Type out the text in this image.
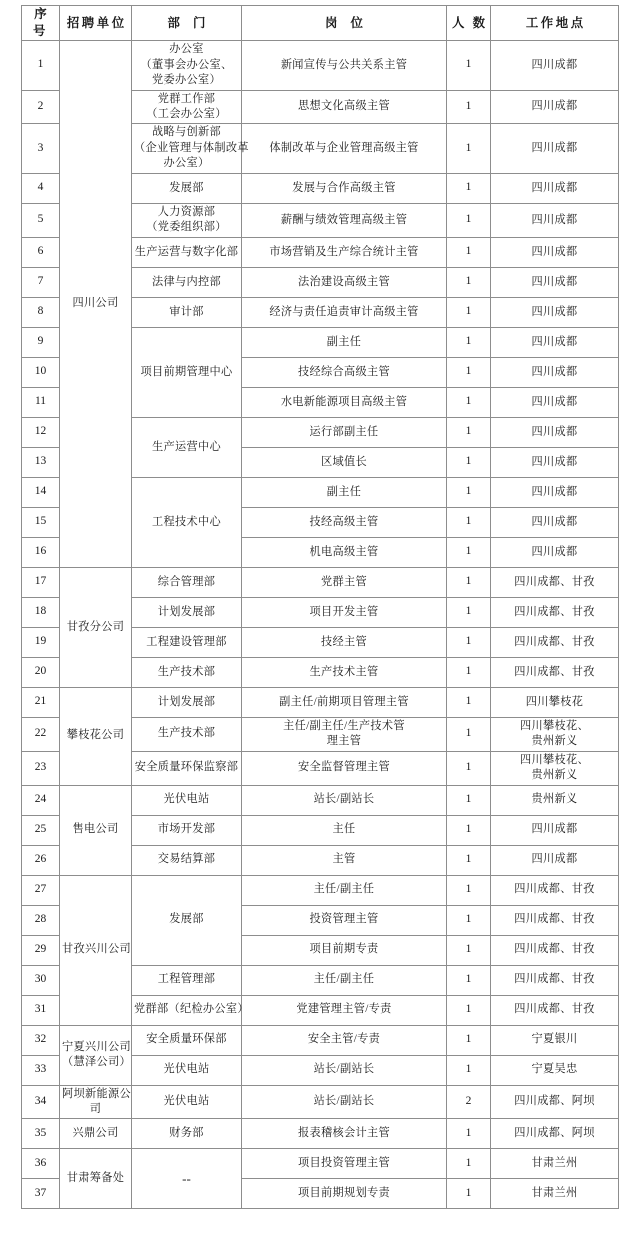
序 号	招聘单位	部 门	岗 位	人 数	工作地点
1	四川公司	办公室
（董事会办公室、
党委办公室）	新闻宣传与公共关系主管	1	四川成都

2		党群工作部
（工会办公室）	思想文化高级主管	1	四川成都

3		战略与创新部
（企业管理与体制改革
办公室）	体制改革与企业管理高级主管	1	四川成都

4		发展部	发展与合作高级主管	1	四川成都

5		人力资源部
（党委组织部）	薪酬与绩效管理高级主管	1	四川成都

6		生产运营与数字化部	市场营销及生产综合统计主管	1	四川成都

7		法律与内控部	法治建设高级主管	1	四川成都

8		审计部	经济与责任追责审计高级主管	1	四川成都

9		项目前期管理中心	副主任	1	四川成都

10			技经综合高级主管	1	四川成都

11			水电新能源项目高级主管	1	四川成都

12		生产运营中心	运行部副主任	1	四川成都

13			区域值长	1	四川成都

14		工程技术中心	副主任	1	四川成都

15			技经高级主管	1	四川成都

16			机电高级主管	1	四川成都

17	甘孜分公司	综合管理部	党群主管	1	四川成都、甘孜

18		计划发展部	项目开发主管	1	四川成都、甘孜

19		工程建设管理部	技经主管	1	四川成都、甘孜

20		生产技术部	生产技术主管	1	四川成都、甘孜

21	攀枝花公司	计划发展部	副主任/前期项目管理主管	1	四川攀枝花

22		生产技术部	主任/副主任/生产技术管
理主管	1	四川攀枝花、
贵州新义

23		安全质量环保监察部	安全监督管理主管	1	四川攀枝花、
贵州新义

24	售电公司	光伏电站	站长/副站长	1	贵州新义

25		市场开发部	主任	1	四川成都

26		交易结算部	主管	1	四川成都

27	甘孜兴川公司	发展部	主任/副主任	1	四川成都、甘孜

28			投资管理主管	1	四川成都、甘孜

29			项目前期专责	1	四川成都、甘孜

30		工程管理部	主任/副主任	1	四川成都、甘孜

31		党群部（纪检办公室）	党建管理主管/专责	1	四川成都、甘孜

32	宁夏兴川公司
（慧泽公司）	安全质量环保部	安全主管/专责	1	宁夏银川

33		光伏电站	站长/副站长	1	宁夏吴忠

34	阿坝新能源公
司	光伏电站	站长/副站长	2	四川成都、阿坝

35	兴鼎公司	财务部	报表稽核会计主管	1	四川成都、阿坝

36	甘肃筹备处	--	项目投资管理主管	1	甘肃兰州

37			项目前期规划专责	1	甘肃兰州
